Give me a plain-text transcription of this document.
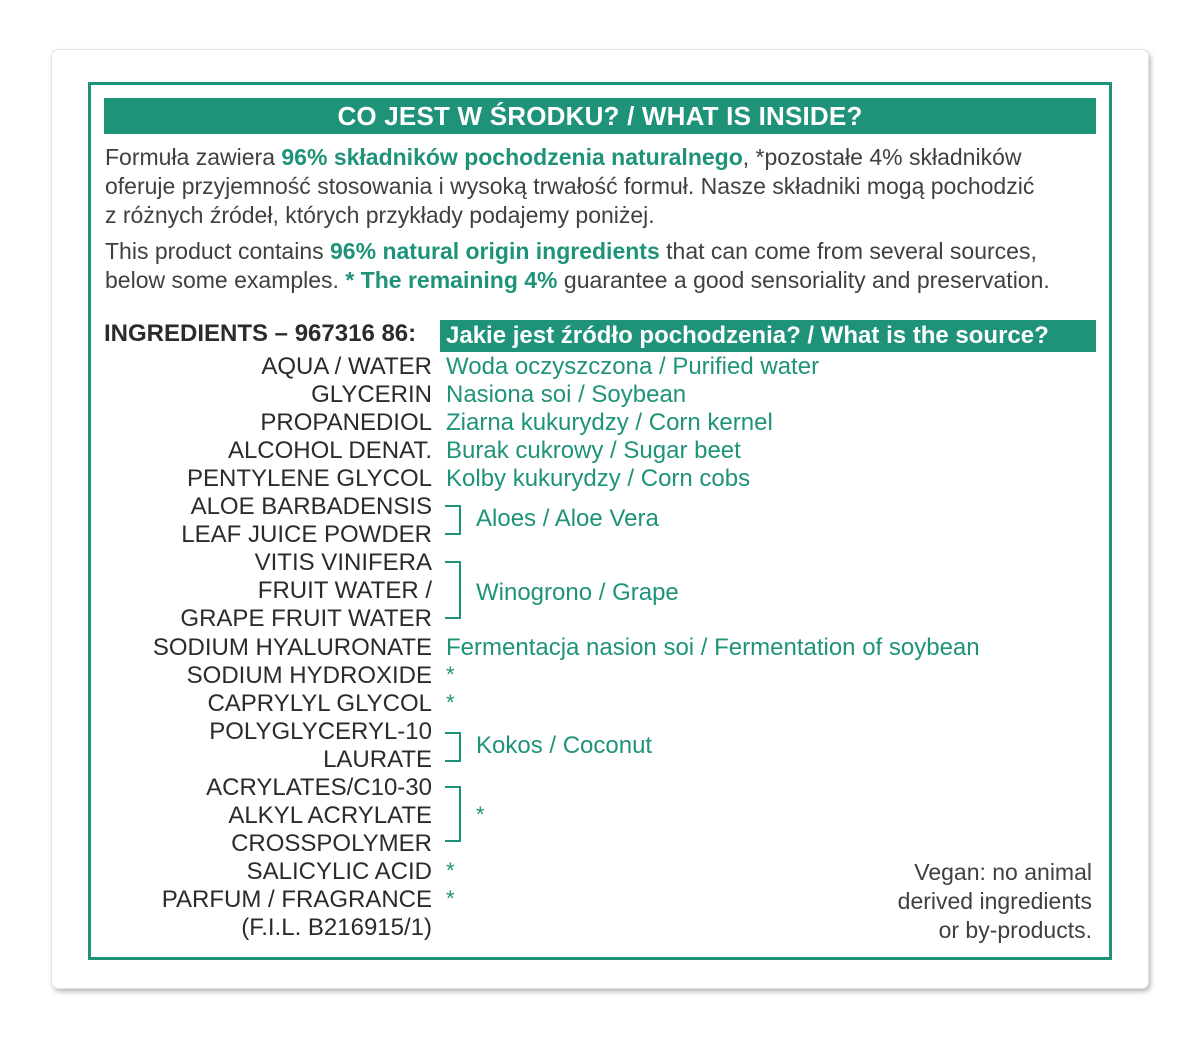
CO JEST W ŚRODKU? / WHAT IS INSIDE?
Formuła zawiera 96% składników pochodzenia naturalnego, *pozostałe 4% składników
oferuje przyjemność stosowania i wysoką trwałość formuł. Nasze składniki mogą pochodzić
z różnych źródeł, których przykłady podajemy poniżej.
This product contains 96% natural origin ingredients that can come from several sources,
below some examples. * The remaining 4% guarantee a good sensoriality and preservation.
INGREDIENTS – 967316 86: Jakie jest źródło pochodzenia? / What is the source?
AQUA / WATER
GLYCERIN
PROPANEDIOL
ALCOHOL DENAT.
PENTYLENE GLYCOL
ALOE BARBADENSIS
LEAF JUICE POWDER
VITIS VINIFERA
FRUIT WATER /
GRAPE FRUIT WATER
SODIUM HYALURONATE
SODIUM HYDROXIDE
CAPRYLYL GLYCOL
POLYGLYCERYL-10
LAURATE
ACRYLATES/C10-30
ALKYL ACRYLATE
CROSSPOLYMER
SALICYLIC ACID
PARFUM / FRAGRANCE
(F.I.L. B216915/1)
Woda oczyszczona / Purified water
Nasiona soi / Soybean
Ziarna kukurydzy / Corn kernel
Burak cukrowy / Sugar beet
Kolby kukurydzy / Corn cobs
Aloes / Aloe Vera
Winogrono / Grape
Fermentacja nasion soi / Fermentation of soybean
*
*
Kokos / Coconut
*
*
*
Vegan: no animal
derived ingredients
or by-products.
